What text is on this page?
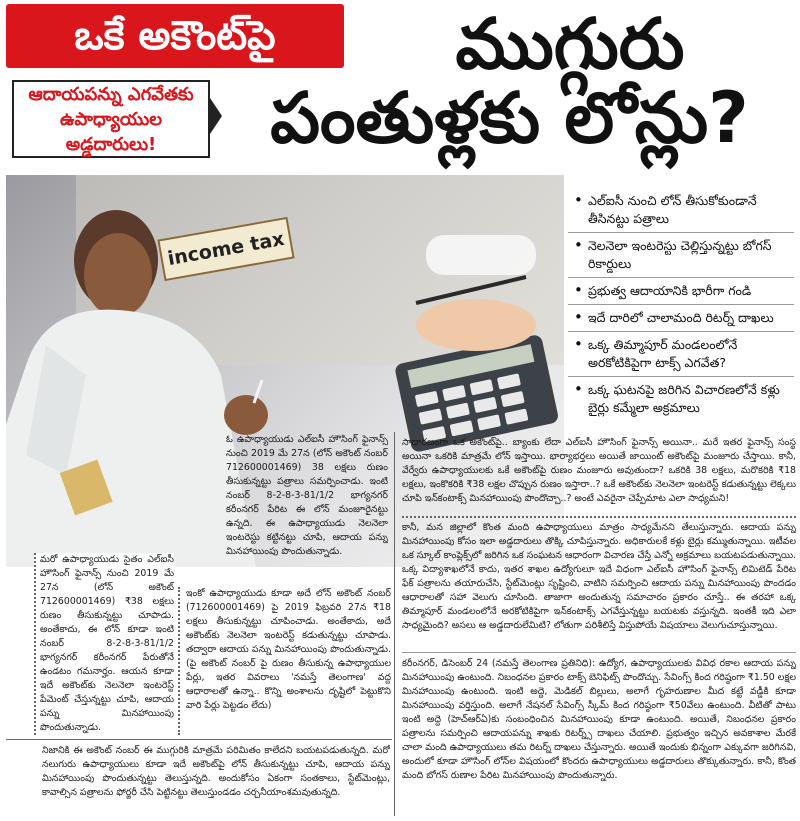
ఒకే అకౌంట్‌పై	ముగ్గురు
పంతుళ్లకు లోన్లు?
ఆదాయపన్ను ఎగవేతకు ఉపాధ్యాయుల అడ్డదారులు!
income tax
• ఎల్‌ఐసీ నుంచి లోన్ తీసుకోకుండానే తీసినట్టు పత్రాలు
• నెలనెలా ఇంటరెస్టు చెల్లిస్తున్నట్టు బోగస్ రికార్డులు
• ప్రభుత్వ ఆదాయానికి భారీగా గండి
• ఇదే దారిలో చాలామంది రిటర్న్ దాఖలు
• ఒక్క తిమ్మాపూర్ మండలంలోనే అరకోటికిపైగా టాక్స్ ఎగవేత?
• ఒక్క ఘటనపై జరిగిన విచారణలోనే కళ్లు బైర్లు కమ్మేలా అక్రమాలు
ఓ ఉపాధ్యాయుడు ఎల్‌ఐసీ హౌసింగ్ ఫైనాన్స్ నుంచి 2019 మే 27న (లోన్ అకౌంట్ నంబర్ 712600001469) 38 లక్షలు రుణం తీసుకున్నట్టు పత్రాలు సమర్పించాడు. ఇంటి నంబర్ 8-2-8-3-81/1/2 భాగ్యనగర్ కరీంనగర్ పేరిట ఈ లోన్ మంజూరైనట్టు ఉన్నది. ఈ ఉపాధ్యాయుడు నెలనెలా ఇంటరెస్టు కట్టినట్టు చూపి, ఆదాయ పన్ను మినహాయింపు పొందుతున్నాడు.
ఇంకో ఉపాధ్యాయుడు కూడా అదే లోన్ అకౌంట్ నంబర్ (712600001469) పై 2019 ఫిబ్రవరి 27న ₹18 లక్షలు తీసుకున్నట్టు చూపించాడు. అంతేకాదు, అదే అకౌంట్‌కు నెలనెలా ఇంటరెస్ట్ కడుతున్నట్టు చూపాడు. తద్వారా ఆదాయ పన్ను మినహాయింపు పొందుతున్నాడు. (పై అకౌంట్ నంబర్ పై రుణం తీసుకున్న ఉపాధ్యాయుల పేర్లు, ఇతర వివరాలు 'నమస్తే తెలంగాణ' వద్ద ఆధారాలతో ఉన్నా.. కొన్ని అంశాలను దృష్టిలో పెట్టుకొని వారి పేర్లు పెట్టడం లేదు)
మరో ఉపాధ్యాయుడు సైతం ఎల్‌ఐసీ హౌసింగ్ ఫైనాన్స్ నుంచి 2019 మే 27న (లోన్ అకౌంట్ 712600001469) ₹38 లక్షలు రుణం తీసుకున్నట్టు చూపాడు. అంతేకాదు, ఈ లోన్ కూడా ఇంటి నంబర్ 8-2-8-3-81/1/2 భాగ్యనగర్ కరీంనగర్ పేరుతోనే ఉండటం గమనార్హం. ఆయన కూడా ఇదే అకౌంట్‌కు నెలనెలా ఇంటరెస్ట్ పేమెంట్ చేస్తున్నట్టు చూపి, ఆదాయ పన్ను మినహాయింపు పొందుతున్నాడు.
సాధారణంగా ఒక అకౌంట్‌పై.. బ్యాంకు లేదా ఎల్‌ఐసీ హౌసింగ్ ఫైనాన్స్ అయినా.. మరే ఇతర ఫైనాన్స్ సంస్థ అయినా ఒకరికి మాత్రమే లోన్ ఇస్తాయి. భార్యాభర్తలు అయితే జాయింట్ అకౌంట్‌పై మంజూరు చేస్తాయి. కానీ, వేర్వేరు ఉపాధ్యాయులకు ఒకే అకౌంట్‌పై రుణం మంజూరు అవుతుందా? ఒకరికి 38 లక్షలు, మరొకరికి ₹18 లక్షలు, ఇంకొకరికి ₹38 లక్షల చొప్పున రుణం ఇస్తారా..? ఒకే అకౌంట్‌కు నెలనెలా ఇంటరెస్ట్ కడుతున్నట్టు లెక్కలు చూపి ఇన్‌కంటాక్స్ మినహాయింపు పొందొచ్చా..? అంటే ఎవరైనా చెప్పేమాట ఎలా సాధ్యమని!
కానీ, మన జిల్లాలో కొంత మంది ఉపాధ్యాయులు మాత్రం సాధ్యమేనని తేలుస్తున్నారు. ఆదాయ పన్ను మినహాయింపు కోసం ఇలా అడ్డదారులు తొక్కి చూపిస్తున్నారు. అధికారులకే కళ్లు బైర్లు కమ్ముతున్నాయి. ఇటీవల ఒక స్కూల్ కాంప్లెక్స్‌లో జరిగిన ఒక సంఘటన ఆధారంగా విచారణ చేస్తే ఎన్నో అక్రమాలు బయటపడుతున్నాయి. ఒక్క విద్యాశాఖలోనే కాదు, ఇతర శాఖల ఉద్యోగులూ ఇదే విధంగా ఎల్‌ఐసీ హౌసింగ్ ఫైనాన్స్ లిమిటెడ్ పేరిట ఫేక్ పత్రాలను తయారుచేసి, స్టేట్‌మెంట్లు సృష్టించి, వాటిని సమర్పించి ఆదాయ పన్ను మినహాయింపు పొందడం ఆధారాలతో సహా వెలుగు చూసింది. తాజాగా అందుతున్న సమాచారం ప్రకారం చూస్తే.. ఈ తరహా ఒక్క తిమ్మాపూర్ మండలంలోనే అరకోటికిపైగా ఇన్‌కంటాక్స్ ఎగవేస్తున్నట్టు బయటకు వస్తున్నది. ఇంతకీ ఇది ఎలా సాధ్యమైంది? అసలు ఆ అడ్డదారులేమిటి? లోతుగా పరిశీలిస్తే విస్తుపోయే విషయాలు వెలుగుచూస్తున్నాయి.
కరీంనగర్, డిసెంబర్ 24 (నమస్తే తెలంగాణ ప్రతినిధి): ఉద్యోగ, ఉపాధ్యాయులకు వివిధ రకాల ఆదాయ పన్ను మినహాయింపు ఉంటుంది. నిబంధనల ప్రకారం టాక్స్ బెనిఫిట్స్ పొందొచ్చు. సేవింగ్స్ కింద గరిష్ఠంగా ₹1.50 లక్షల మినహాయింపు ఉంటుంది. ఇంటి అద్దె, మెడికల్ బిల్లులు, అలాగే గృహరుణాల మీద కట్టే వడ్డీకి కూడా మినహాయింపు వర్తిస్తుంది. అలాగే నేషనల్ సేవింగ్స్ స్కీమ్ కింద గరిష్ఠంగా ₹50వేలు ఉంటుంది. వీటితో పాటు ఇంటి అద్దె (హెచ్ఆర్ఏ)కు సంబంధించిన మినహాయింపు కూడా ఉంటుంది. అయితే, నిబంధనల ప్రకారం పత్రాలను సమర్పించి ఆదాయపన్ను శాఖకు రిటర్న్స్ దాఖలు చేయాలి. ప్రభుత్వం ఇచ్చిన అవకాశాల మేరకే చాలా మంది ఉపాధ్యాయులు తమ రిటర్న్ దాఖలు చేస్తున్నారు. అయితే ఇందుకు భిన్నంగా ఎక్కువగా జరిగినవి, అందులో కూడా హౌసింగ్ లోన్‌ల విషయంలో కొందరు ఉపాధ్యాయులు అడ్డదారులు తొక్కుతున్నారు. కానీ, కొంత మంది బోగస్ రుణాల పేరిట మినహాయింపు పొందుతున్నారు.
నిజానికి ఈ అకౌంట్ నంబర్ ఈ ముగ్గురికి మాత్రమే పరిమితం కాలేదని బయటపడుతున్నది. మరో నలుగురు ఉపాధ్యాయులు కూడా ఇదే అకౌంట్‌పై లోన్ తీసుకున్నట్టు చూపి, ఆదాయ పన్ను మినహాయింపు పొందుతున్నట్టు తెలుస్తున్నది. అందుకోసం ఏకంగా సంతకాలు, స్టేట్‌మెంట్లు, కావాల్సిన పత్రాలను ఫోర్జరీ చేసి పెట్టినట్టు తెలుస్తుండడం చర్చనీయాంశమవుతున్నది.
